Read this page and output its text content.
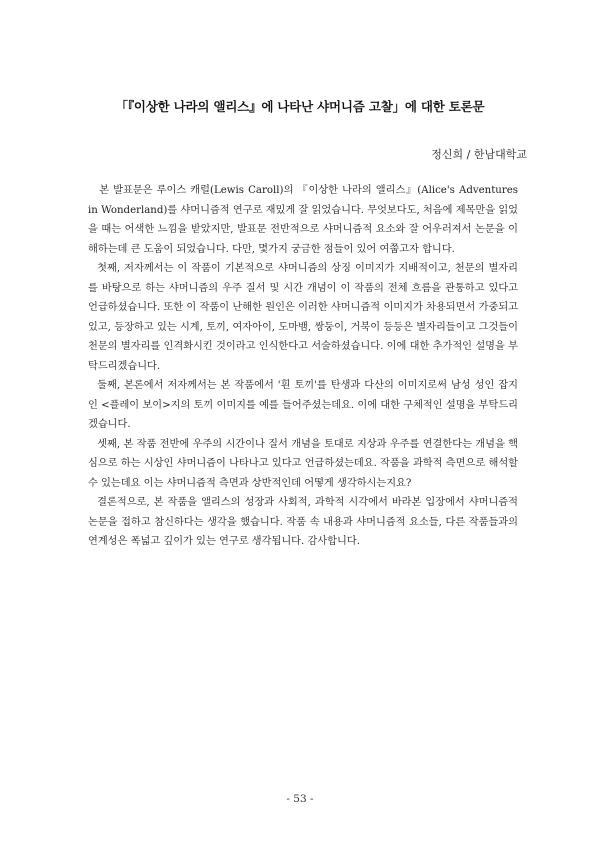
「『이상한 나라의 앨리스』에 나타난 샤머니즘 고찰」에 대한 토론문
정신희 / 한남대학교

본 발표문은 루이스 캐럴(Lewis Caroll)의 『이상한 나라의 앨리스』(Alice's Adventures in Wonderland)를 샤머니즘적 연구로 재밌게 잘 읽었습니다. 무엇보다도, 처음에 제목만을 읽었을 때는 어색한 느낌을 받았지만, 발표문 전반적으로 샤머니즘적 요소와 잘 어우러져서 논문을 이해하는데 큰 도움이 되었습니다. 다만, 몇가지 궁금한 점들이 있어 여쭙고자 합니다.

첫째, 저자께서는 이 작품이 기본적으로 샤머니즘의 상징 이미지가 지배적이고, 천문의 별자리를 바탕으로 하는 샤머니즘의 우주 질서 및 시간 개념이 이 작품의 전체 흐름을 관통하고 있다고 언급하셨습니다. 또한 이 작품이 난해한 원인은 이러한 샤머니즘적 이미지가 차용되면서 가중되고 있고, 등장하고 있는 시계, 토끼, 여자아이, 도마뱀, 쌍둥이, 거북이 등등은 별자리들이고 그것들이 천문의 별자리를 인격화시킨 것이라고 인식한다고 서술하셨습니다. 이에 대한 추가적인 설명을 부탁드리겠습니다.

둘째, 본론에서 저자께서는 본 작품에서 '흰 토끼'를 탄생과 다산의 이미지로써 남성 성인 잡지인 <플레이 보이>지의 토끼 이미지를 예를 들어주셨는데요. 이에 대한 구체적인 설명을 부탁드리겠습니다.

셋째, 본 작품 전반에 우주의 시간이나 질서 개념을 토대로 지상과 우주를 연결한다는 개념을 핵심으로 하는 시상인 샤머니즘이 나타나고 있다고 언급하셨는데요. 작품을 과학적 측면으로 해석할 수 있는데요 이는 샤머니즘적 측면과 상반적인데 어떻게 생각하시는지요?

결론적으로, 본 작품을 앨리스의 성장과 사회적, 과학적 시각에서 바라본 입장에서 샤머니즘적 논문을 접하고 참신하다는 생각을 했습니다. 작품 속 내용과 샤머니즘적 요소들, 다른 작품들과의 연계성은 폭넓고 깊이가 있는 연구로 생각됩니다. 감사합니다.

- 53 -
